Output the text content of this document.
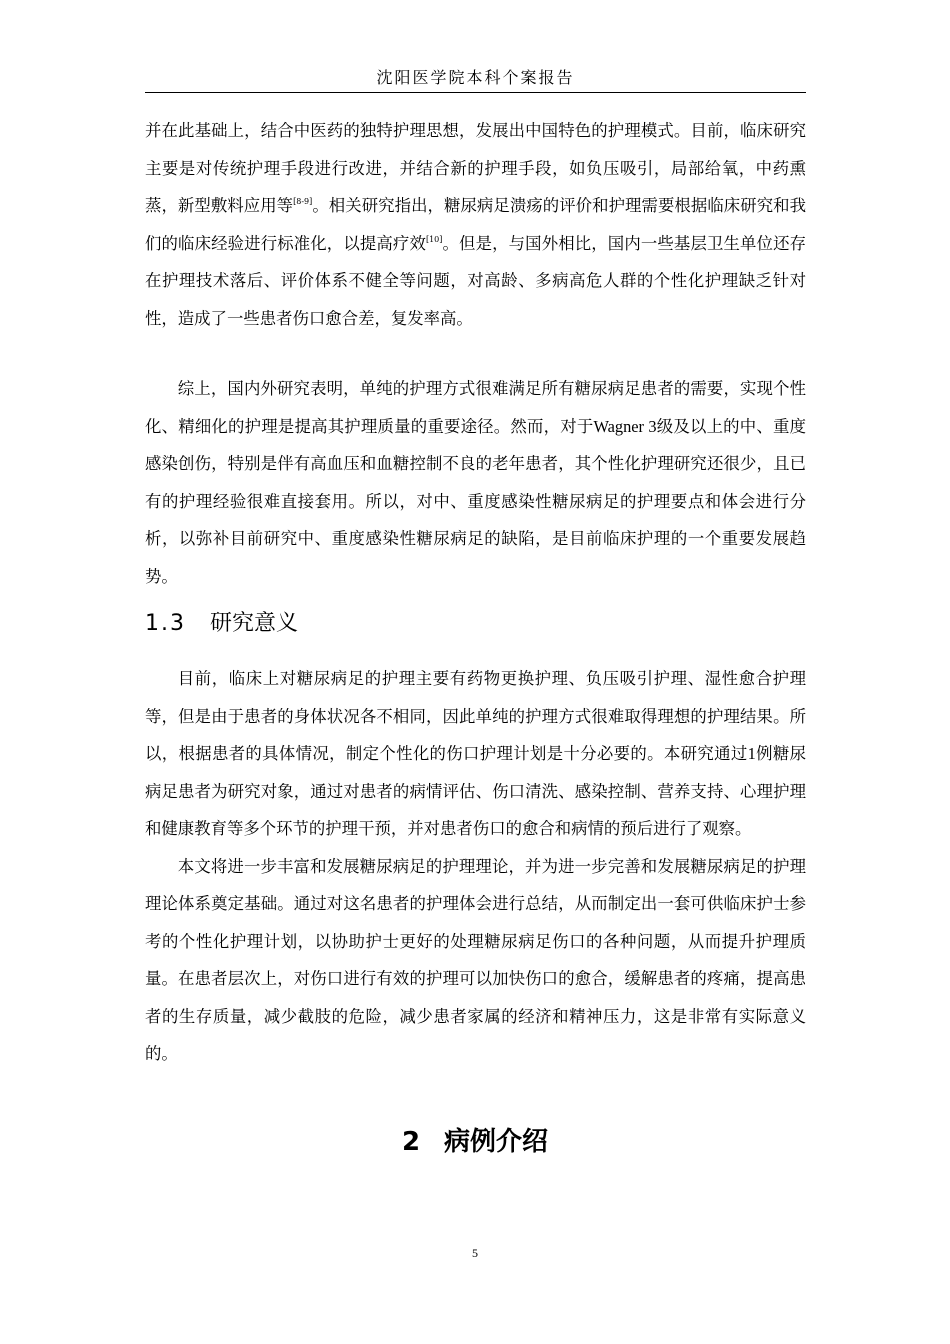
沈阳医学院本科个案报告

并在此基础上，结合中医药的独特护理思想，发展出中国特色的护理模式。目前，临床研究主要是对传统护理手段进行改进，并结合新的护理手段，如负压吸引，局部给氧，中药熏蒸，新型敷料应用等[8-9]。相关研究指出，糖尿病足溃疡的评价和护理需要根据临床研究和我们的临床经验进行标准化，以提高疗效[10]。但是，与国外相比，国内一些基层卫生单位还存在护理技术落后、评价体系不健全等问题，对高龄、多病高危人群的个性化护理缺乏针对性，造成了一些患者伤口愈合差，复发率高。

综上，国内外研究表明，单纯的护理方式很难满足所有糖尿病足患者的需要，实现个性化、精细化的护理是提高其护理质量的重要途径。然而，对于Wagner 3级及以上的中、重度感染创伤，特别是伴有高血压和血糖控制不良的老年患者，其个性化护理研究还很少，且已有的护理经验很难直接套用。所以，对中、重度感染性糖尿病足的护理要点和体会进行分析，以弥补目前研究中、重度感染性糖尿病足的缺陷，是目前临床护理的一个重要发展趋势。

1.3 研究意义

目前，临床上对糖尿病足的护理主要有药物更换护理、负压吸引护理、湿性愈合护理等，但是由于患者的身体状况各不相同，因此单纯的护理方式很难取得理想的护理结果。所以，根据患者的具体情况，制定个性化的伤口护理计划是十分必要的。本研究通过1例糖尿病足患者为研究对象，通过对患者的病情评估、伤口清洗、感染控制、营养支持、心理护理和健康教育等多个环节的护理干预，并对患者伤口的愈合和病情的预后进行了观察。

本文将进一步丰富和发展糖尿病足的护理理论，并为进一步完善和发展糖尿病足的护理理论体系奠定基础。通过对这名患者的护理体会进行总结，从而制定出一套可供临床护士参考的个性化护理计划，以协助护士更好的处理糖尿病足伤口的各种问题，从而提升护理质量。在患者层次上，对伤口进行有效的护理可以加快伤口的愈合，缓解患者的疼痛，提高患者的生存质量，减少截肢的危险，减少患者家属的经济和精神压力，这是非常有实际意义的。

2 病例介绍
5
